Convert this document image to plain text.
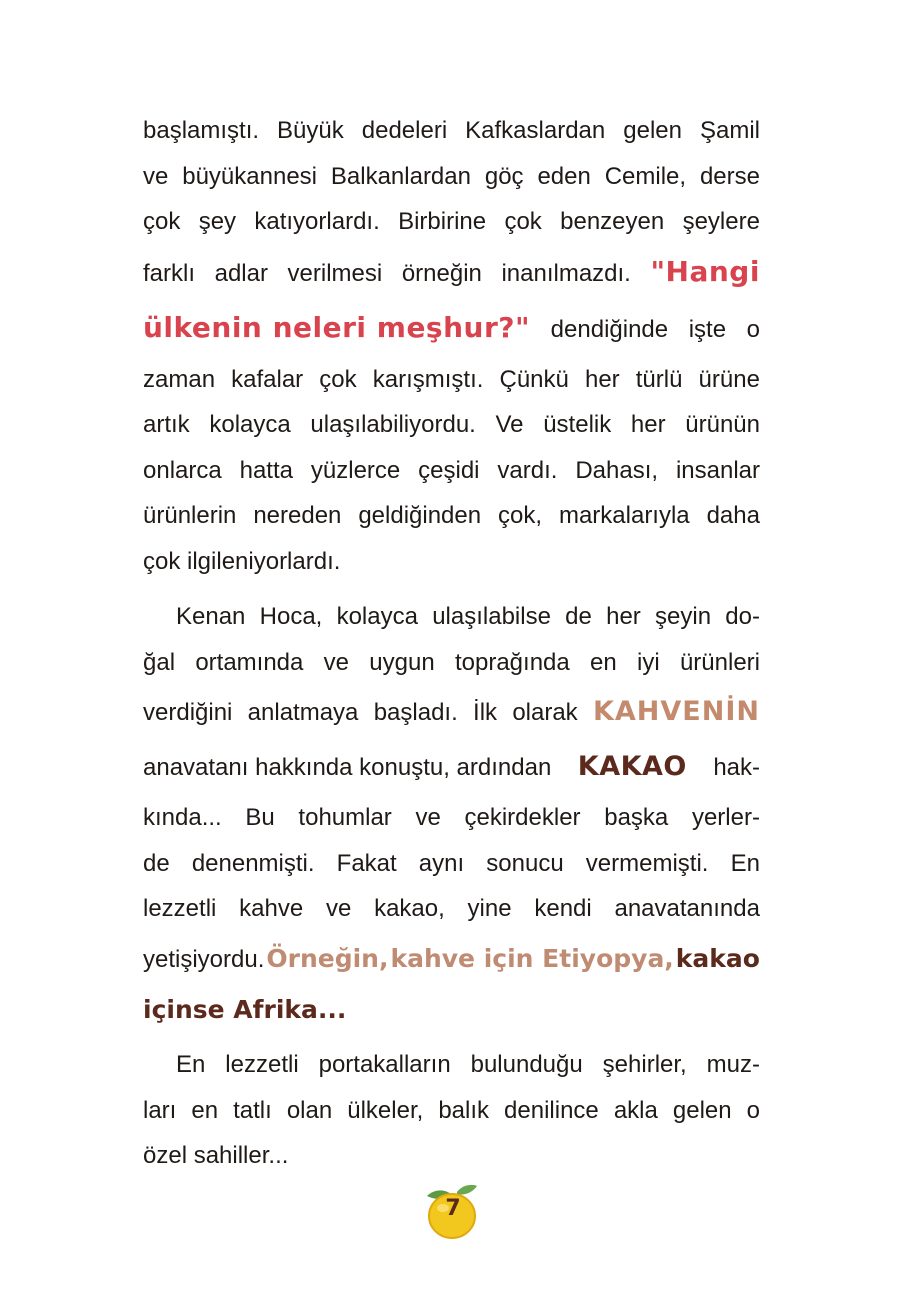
başlamıştı. Büyük dedeleri Kafkaslardan gelen Şamil
ve büyükannesi Balkanlardan göç eden Cemile, derse
çok şey katıyorlardı. Birbirine çok benzeyen şeylere
farklı adlar verilmesi örneğin inanılmazdı. "Hangi
ülkenin neleri meşhur?" dendiğinde işte o
zaman kafalar çok karışmıştı. Çünkü her türlü ürüne
artık kolayca ulaşılabiliyordu. Ve üstelik her ürünün
onlarca hatta yüzlerce çeşidi vardı. Dahası, insanlar
ürünlerin nereden geldiğinden çok, markalarıyla daha
çok ilgileniyorlardı.
Kenan Hoca, kolayca ulaşılabilse de her şeyin do-
ğal ortamında ve uygun toprağında en iyi ürünleri
verdiğini anlatmaya başladı. İlk olarak KAHVENİN
anavatanı hakkında konuştu, ardından KAKAO hak-
kında... Bu tohumlar ve çekirdekler başka yerler-
de denenmişti. Fakat aynı sonucu vermemişti. En
lezzetli kahve ve kakao, yine kendi anavatanında
yetişiyordu. Örneğin, kahve için Etiyopya, kakao
içinse Afrika...
En lezzetli portakalların bulunduğu şehirler, muz-
ları en tatlı olan ülkeler, balık denilince akla gelen o
özel sahiller...
7
